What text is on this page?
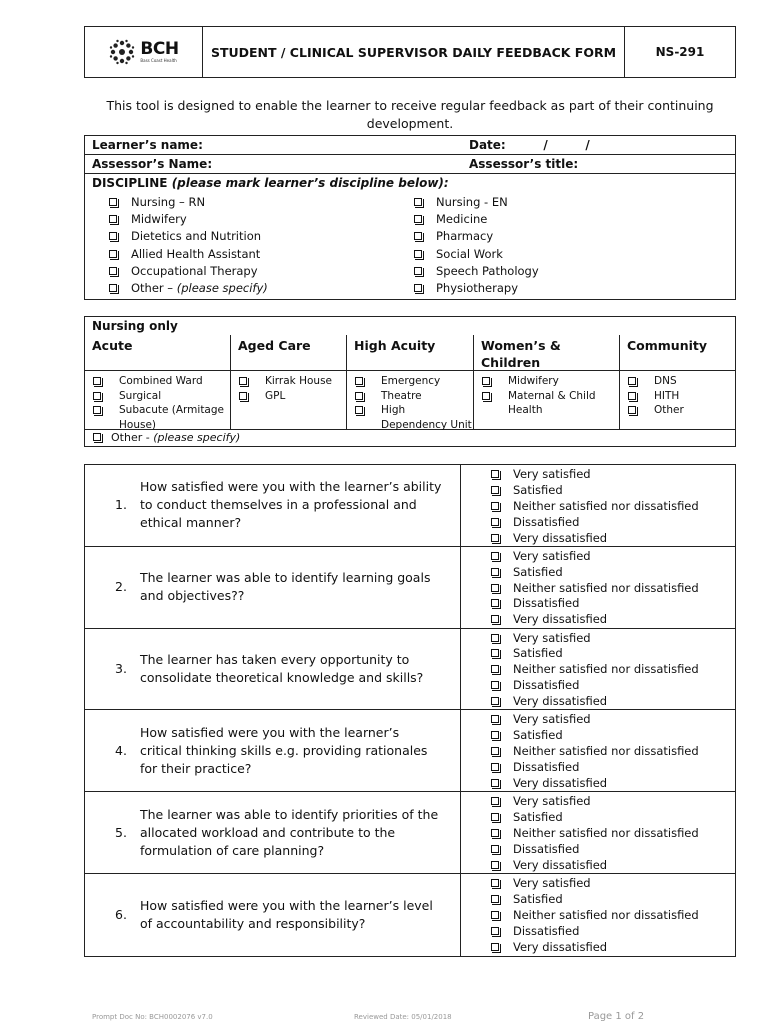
BCH
Bass Coast Health
STUDENT / CLINICAL SUPERVISOR DAILY FEEDBACK FORM	NS-291
This tool is designed to enable the learner to receive regular feedback as part of their continuing development.
Learner’s name:	Date:         /         /
Assessor’s Name:	Assessor’s title:
DISCIPLINE
(please mark learner’s discipline below):
Nursing – RN
Midwifery
Dietetics and Nutrition
Allied Health Assistant
Occupational Therapy
Other – (please specify)
Nursing - EN
Medicine
Pharmacy
Social Work
Speech Pathology
Physiotherapy
Nursing only
Acute
Combined Ward
Surgical
Subacute (Armitage House)
Aged Care
Kirrak House
GPL
High Acuity
Emergency
Theatre
High Dependency Unit
Women’s & Children
Midwifery
Maternal & Child Health
Community
DNS
HITH
Other
Other - (please specify)
1.
How satisfied were you with the learner’s ability to conduct themselves in a professional and ethical manner?
Very satisfied
Satisfied
Neither satisfied nor dissatisfied
Dissatisfied
Very dissatisfied
2.
The learner was able to identify learning goals and objectives??
Very satisfied
Satisfied
Neither satisfied nor dissatisfied
Dissatisfied
Very dissatisfied
3.
The learner has taken every opportunity to consolidate theoretical knowledge and skills?
Very satisfied
Satisfied
Neither satisfied nor dissatisfied
Dissatisfied
Very dissatisfied
4.
How satisfied were you with the learner’s critical thinking skills e.g. providing rationales for their practice?
Very satisfied
Satisfied
Neither satisfied nor dissatisfied
Dissatisfied
Very dissatisfied
5.
The learner was able to identify priorities of the allocated workload and contribute to the formulation of care planning?
Very satisfied
Satisfied
Neither satisfied nor dissatisfied
Dissatisfied
Very dissatisfied
6.
How satisfied were you with the learner’s level of accountability and responsibility?
Very satisfied
Satisfied
Neither satisfied nor dissatisfied
Dissatisfied
Very dissatisfied
Prompt Doc No: BCH0002076 v7.0	Reviewed Date: 05/01/2018	Page 1 of 2
